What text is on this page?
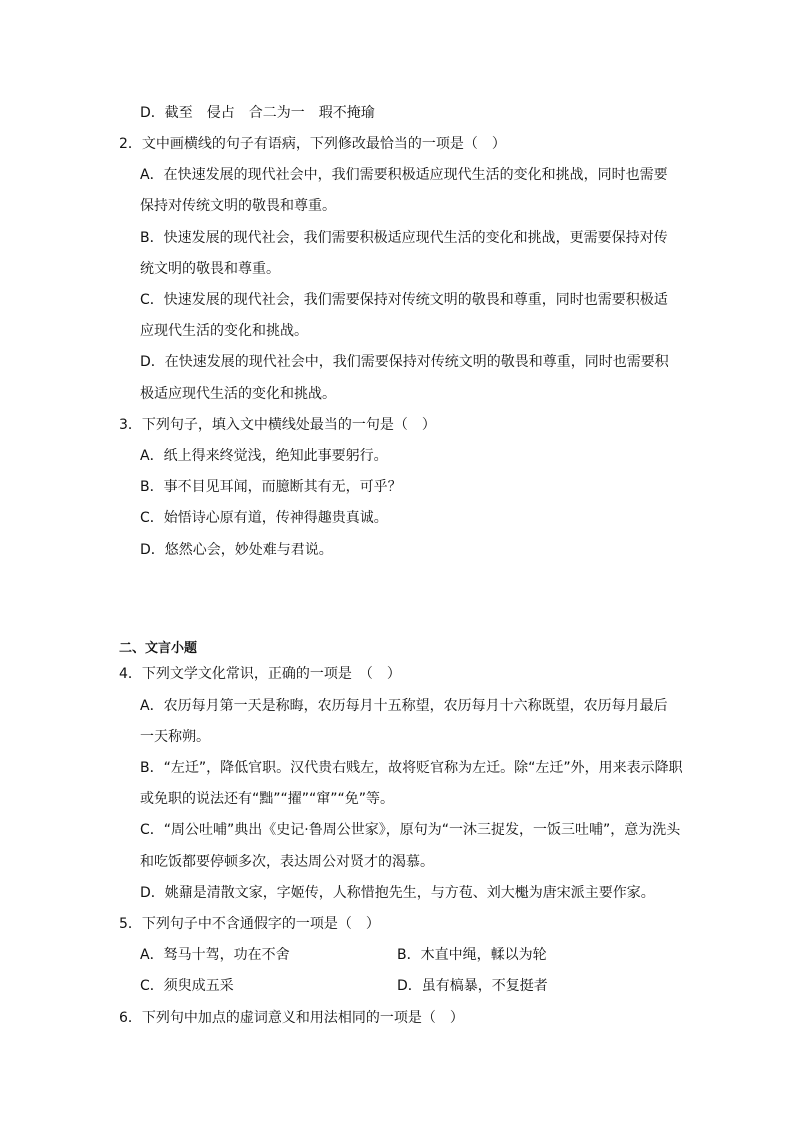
D．截至　侵占　合二为一　瑕不掩瑜
2．文中画横线的句子有语病，下列修改最恰当的一项是（　）
A．在快速发展的现代社会中，我们需要积极适应现代生活的变化和挑战，同时也需要
保持对传统文明的敬畏和尊重。
B．快速发展的现代社会，我们需要积极适应现代生活的变化和挑战，更需要保持对传
统文明的敬畏和尊重。
C．快速发展的现代社会，我们需要保持对传统文明的敬畏和尊重，同时也需要积极适
应现代生活的变化和挑战。
D．在快速发展的现代社会中，我们需要保持对传统文明的敬畏和尊重，同时也需要积
极适应现代生活的变化和挑战。
3．下列句子，填入文中横线处最当的一句是（　）
A．纸上得来终觉浅，绝知此事要躬行。
B．事不目见耳闻，而臆断其有无，可乎？
C．始悟诗心原有道，传神得趣贵真诚。
D．悠然心会，妙处难与君说。
二、文言小题
4．下列文学文化常识，正确的一项是　（　）
A．农历每月第一天是称晦，农历每月十五称望，农历每月十六称既望，农历每月最后
一天称朔。
B．“左迁”，降低官职。汉代贵右贱左，故将贬官称为左迁。除“左迁”外，用来表示降职
或免职的说法还有“黜”“擢”“窜”“免”等。
C．“周公吐哺”典出《史记·鲁周公世家》，原句为“一沐三捉发，一饭三吐哺”，意为洗头
和吃饭都要停顿多次，表达周公对贤才的渴慕。
D．姚鼐是清散文家，字姬传，人称惜抱先生，与方苞、刘大櫆为唐宋派主要作家。
5．下列句子中不含通假字的一项是（　）
A．驽马十驾，功在不舍	B．木直中绳，輮以为轮
C．须臾成五采	D．虽有槁暴，不复挺者
6．下列句中加点的虚词意义和用法相同的一项是（　）
